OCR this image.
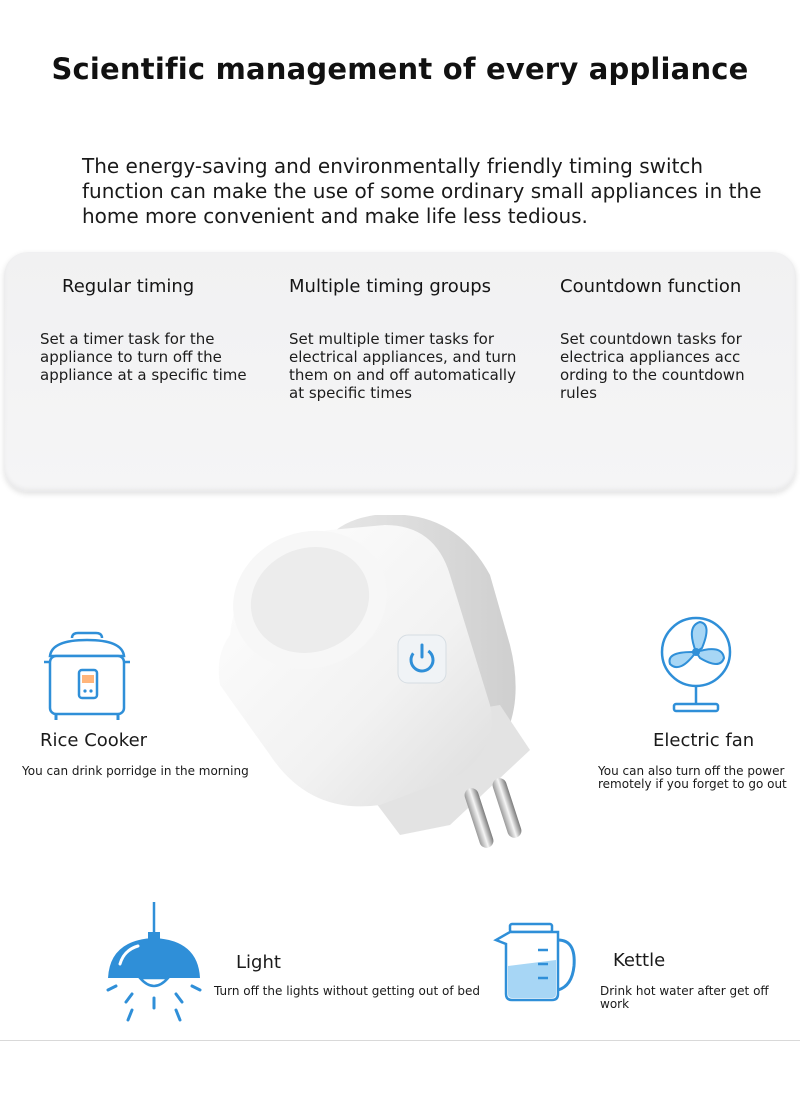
Scientific management of every appliance

The energy-saving and environmentally friendly timing switch function can make the use of some ordinary small appliances in the home more convenient and make life less tedious.

Regular timing

Set a timer task for the appliance to turn off the appliance at a specific time

Multiple timing groups

Set multiple timer tasks for electrical appliances, and turn them on and off automatically at specific times

Countdown function

Set countdown tasks for electrica appliances acc ording to the countdown rules

Rice Cooker
You can drink porridge in the morning
Electric fan
You can also turn off the power remotely if you forget to go out
Light
Turn off the lights without getting out of bed
Kettle
Drink hot water after get off work
